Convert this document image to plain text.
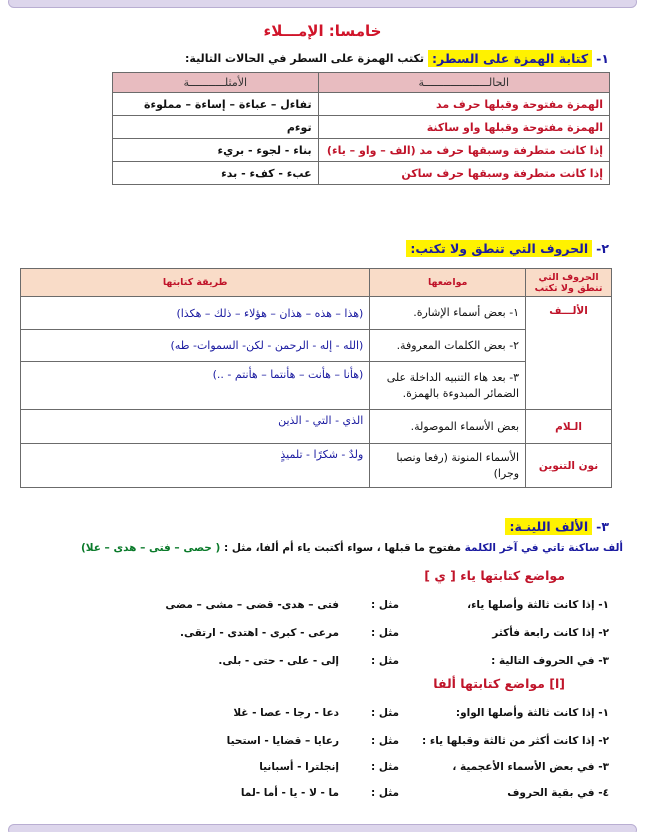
خامسا: الإمـــلاء
١-
كتابة الهمزة على السطر:
تكتب الهمزة على السطر في الحالات التالية:
الحالــــــــــــــــــــة	الأمثلـــــــــــة
الهمزة مفتوحة وقبلها حرف مد	تفاءل – عباءة – إساءة – مملوءة
الهمزة مفتوحة وقبلها واو ساكنة	توءم
إذا كانت متطرفة وسبقها حرف مد (الف – واو – ياء)	بناء - لجوء - بريء
إذا كانت متطرفة وسبقها حرف ساكن	عبء - كفء - بدء
٢-
الحروف التي تنطق ولا تكتب:
الحروف التي تنطق ولا تكتب	مواضعها	طريقة كتابتها
الألـــف	١- بعض أسماء الإشارة.	(هذا – هذه – هذان – هؤلاء – ذلك – هكذا)
	٢- بعض الكلمات المعروفة.	(الله - إله - الرحمن - لكن- السموات- طه)
	٣- بعد هاء التنبيه الداخلة على الضمائر المبدوءة بالهمزة.	(هأنا – هأنت – هأنتما – هأنتم - ..)
الـلام	بعض الأسماء الموصولة.	الذي - التي - الذين
نون التنوين	الأسماء المنونة (رفعا ونصبا وجرا)	ولدٌ - شكرًا - تلميذٍ
٣-
الألف اللينـة:
ألف ساكنة تاتي في آخر الكلمة مفتوح ما قبلها ، سواء أكتبت ياء أم ألفا، مثل : ( حصى – فتى – هدى – علا)
مواضع كتابتها ياء [ ي ]
١- إذا كانت ثالثة وأصلها ياء،
مثل :
فتى – هدى- قضى – مشى – مضى
٢- إذا كانت رابعة فأكثر
مثل :
مرعى - كبرى - اهتدى - ارتقى.
٣- في الحروف التالية :
مثل :
إلى - على - حتى - بلى.
[ا] مواضع كتابتها ألفا
١- إذا كانت ثالثة وأصلها الواو:
مثل :
دعا - رجا - عصا - غلا
٢- إذا كانت أكثر من ثالثة وقبلها ياء :
مثل :
رعايا – قضايا - استحيا
٣- في بعض الأسماء الأعجمية ،
مثل :
إنجلترا - أسبانيا
٤- في بقية الحروف
مثل :
ما - لا - يا - أما -لما
